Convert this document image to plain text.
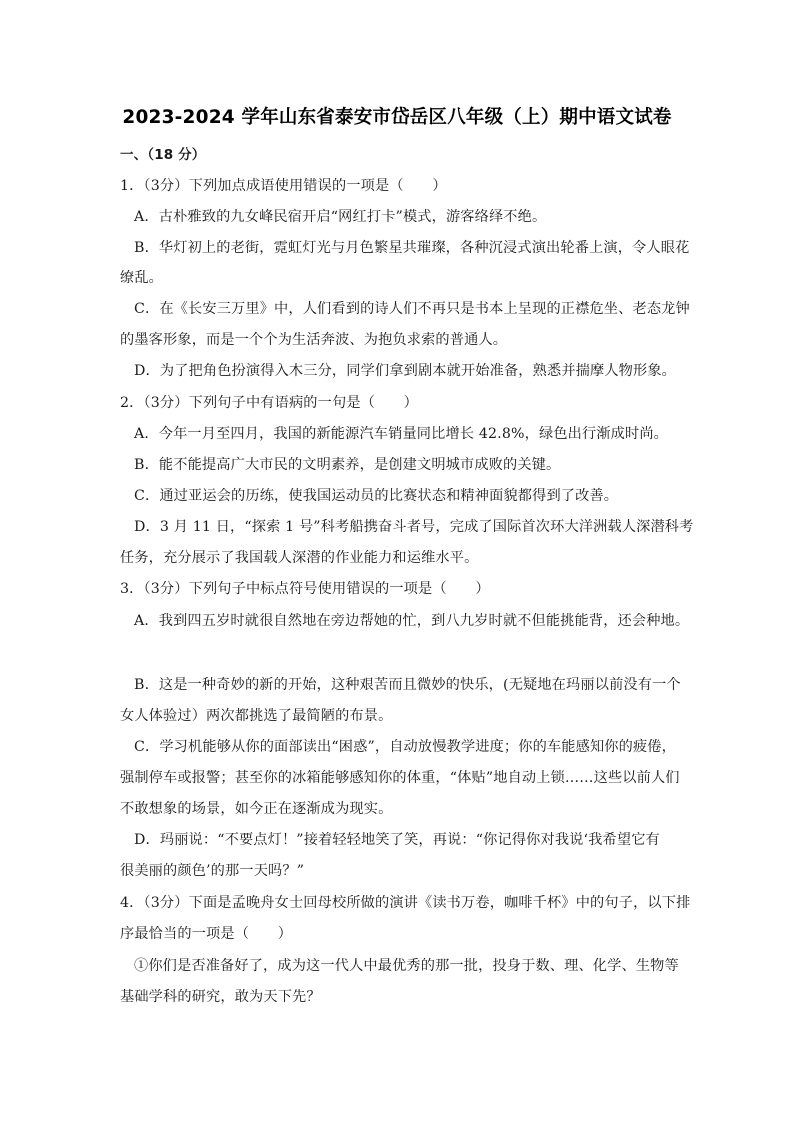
2023-2024 学年山东省泰安市岱岳区八年级（上）期中语文试卷
一、（18 分）
1．（3分）下列加点成语使用错误的一项是（　　）
A．古朴雅致的九女峰民宿开启“网红打卡”模式，游客络绎不绝。
B．华灯初上的老街，霓虹灯光与月色繁星共璀璨，各种沉浸式演出轮番上演，令人眼花
缭乱。
C．在《长安三万里》中，人们看到的诗人们不再只是书本上呈现的正襟危坐、老态龙钟
的墨客形象，而是一个个为生活奔波、为抱负求索的普通人。
D．为了把角色扮演得入木三分，同学们拿到剧本就开始准备，熟悉并揣摩人物形象。
2．（3分）下列句子中有语病的一句是（　　）
A．今年一月至四月，我国的新能源汽车销量同比增长 42.8%，绿色出行渐成时尚。
B．能不能提高广大市民的文明素养，是创建文明城市成败的关键。
C．通过亚运会的历练，使我国运动员的比赛状态和精神面貌都得到了改善。
D．3 月 11 日，“探索 1 号”科考船携奋斗者号，完成了国际首次环大洋洲载人深潜科考
任务，充分展示了我国载人深潜的作业能力和运维水平。
3．（3分）下列句子中标点符号使用错误的一项是（　　）
A．我到四五岁时就很自然地在旁边帮她的忙，到八九岁时就不但能挑能背，还会种地。
B．这是一种奇妙的新的开始，这种艰苦而且微妙的快乐，(无疑地在玛丽以前没有一个
女人体验过）两次都挑选了最简陋的布景。
C．学习机能够从你的面部读出“困惑”，自动放慢教学进度；你的车能感知你的疲倦，
强制停车或报警；甚至你的冰箱能够感知你的体重，“体贴”地自动上锁……这些以前人们
不敢想象的场景，如今正在逐渐成为现实。
D．玛丽说：“不要点灯！”接着轻轻地笑了笑，再说：“你记得你对我说‘我希望它有
很美丽的颜色’的那一天吗？”
4．（3分）下面是孟晚舟女士回母校所做的演讲《读书万卷，咖啡千杯》中的句子，以下排
序最恰当的一项是（　　）
①你们是否准备好了，成为这一代人中最优秀的那一批，投身于数、理、化学、生物等
基础学科的研究，敢为天下先？
